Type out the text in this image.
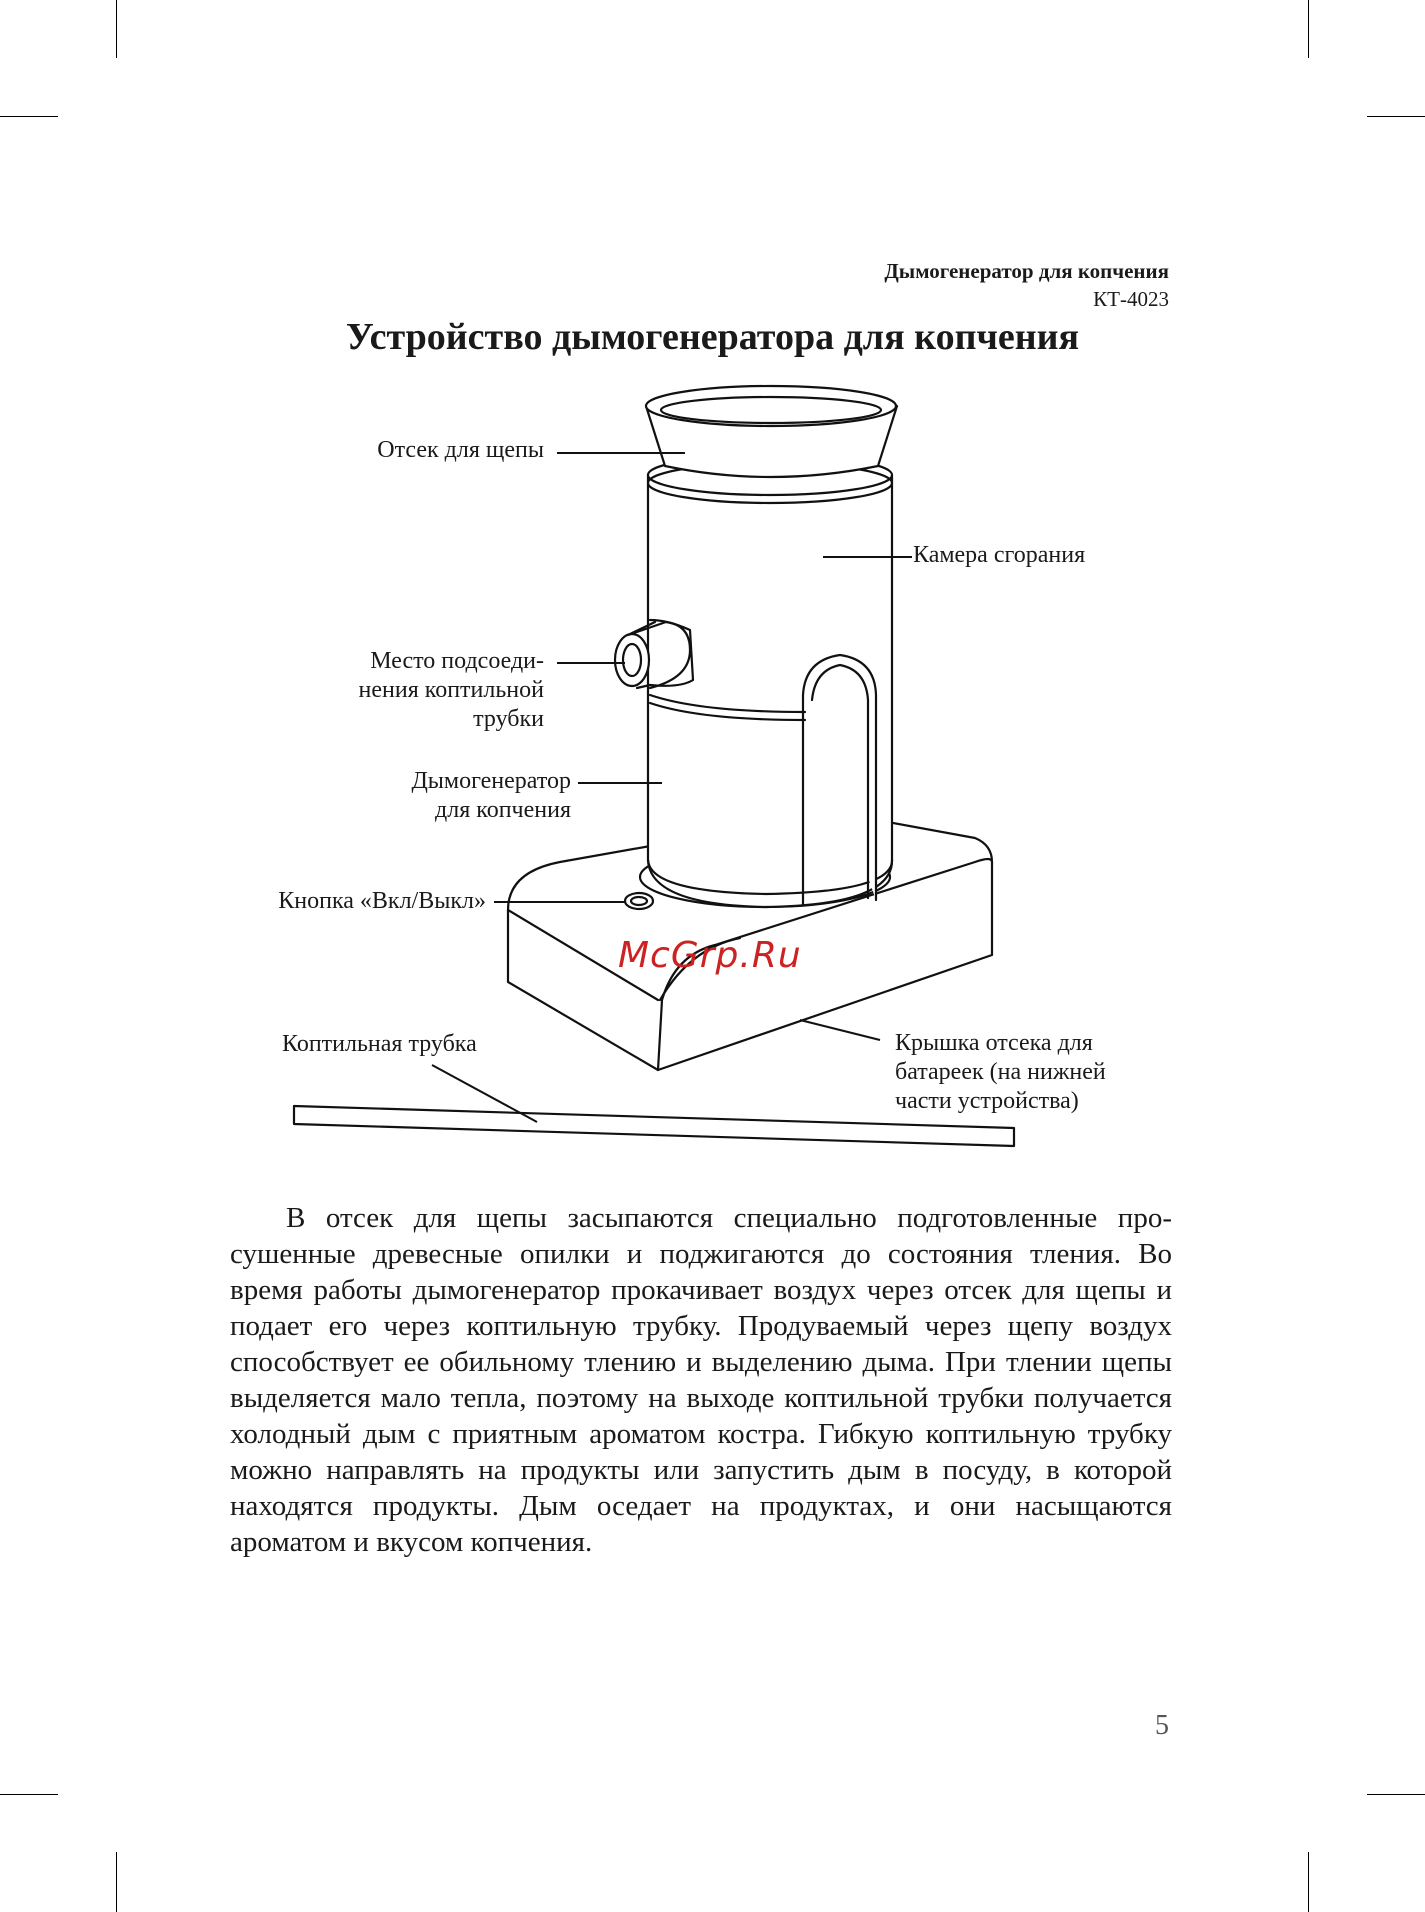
Дымогенератор для копчения
КТ-4023
Устройство дымогенератора для копчения
Отсек для щепы
Камера сгорания
Место подсоеди-
нения коптильной
трубки
Дымогенератор
для копчения
Кнопка «Вкл/Выкл»
Коптильная трубка	Крышка отсека для
батареек (на нижней
части устройства)
McGrp.Ru
В отсек для щепы засыпаются специально подготовленные просушенные древесные опилки и поджигаются до состояния тления. Во время работы дымогенератор прокачивает воздух через отсек для щепы и подает его через коптильную трубку. Продуваемый через щепу воздух способствует ее обильному тлению и выделению дыма. При тлении щепы выделяется мало тепла, поэтому на выходе коптильной трубки получается холодный дым с приятным ароматом костра. Гибкую коптильную трубку можно направлять на продукты или запустить дым в посуду, в которой находятся продукты. Дым оседает на продуктах, и они насыщаются ароматом и вкусом копчения.
5
